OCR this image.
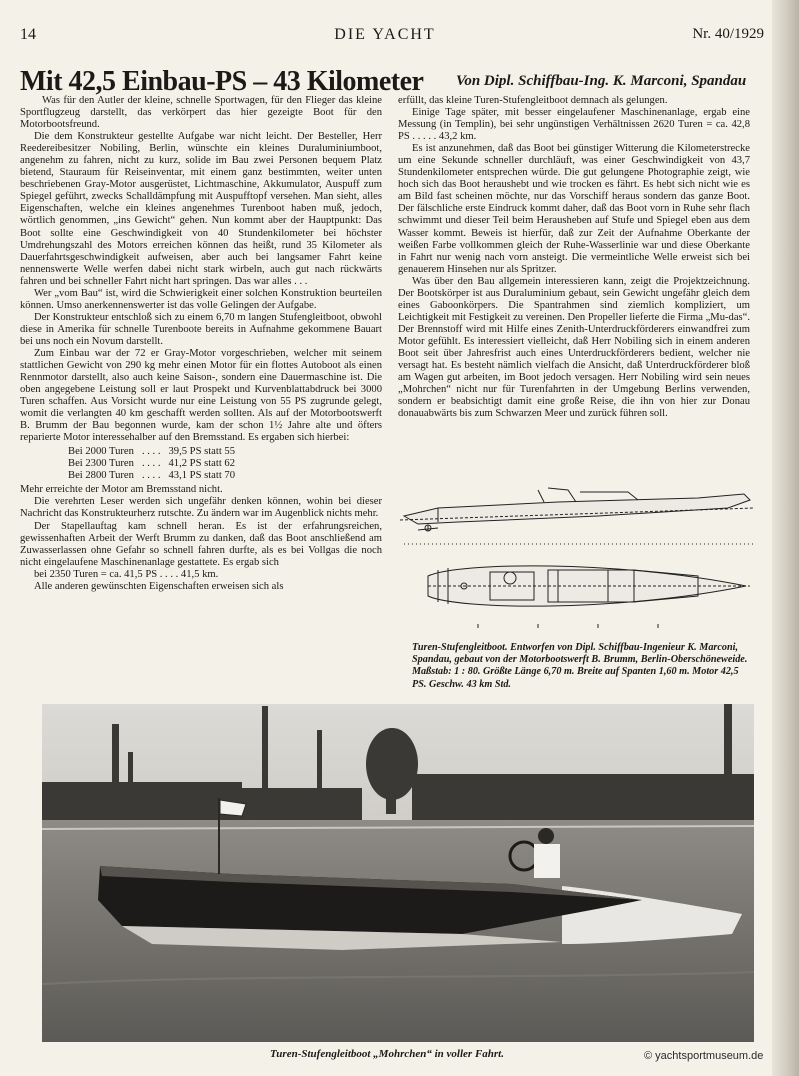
14	DIE YACHT	Nr. 40/1929
Mit 42,5 Einbau-PS – 43 Kilometer Von Dipl. Schiffbau-Ing. K. Marconi, Spandau

Was für den Autler der kleine, schnelle Sportwagen, für den Flieger das kleine Sportflugzeug darstellt, das verkörpert das hier gezeigte Boot für den Motorbootsfreund.

Die dem Konstrukteur gestellte Aufgabe war nicht leicht. Der Besteller, Herr Reedereibesitzer Nobiling, Berlin, wünschte ein kleines Duraluminiumboot, angenehm zu fahren, nicht zu kurz, solide im Bau zwei Personen bequem Platz bietend, Stauraum für Reiseinventar, mit einem ganz bestimmten, weiter unten beschriebenen Gray-Motor ausgerüstet, Lichtmaschine, Akkumulator, Auspuff zum Spiegel geführt, zwecks Schalldämpfung mit Auspufftopf versehen. Man sieht, alles Eigenschaften, welche ein kleines angenehmes Turenboot haben muß, jedoch, wörtlich genommen, „ins Gewicht“ gehen. Nun kommt aber der Hauptpunkt: Das Boot sollte eine Geschwindigkeit von 40 Stundenkilometer bei höchster Umdrehungszahl des Motors erreichen können das heißt, rund 35 Kilometer als Dauerfahrtsgeschwindigkeit aufweisen, aber auch bei langsamer Fahrt keine nennenswerte Welle werfen dabei nicht stark wirbeln, auch gut nach rückwärts fahren und bei schneller Fahrt nicht hart springen. Das war alles . . .

Wer „vom Bau“ ist, wird die Schwierigkeit einer solchen Konstruktion beurteilen können. Umso anerkennenswerter ist das volle Gelingen der Aufgabe.

Der Konstrukteur entschloß sich zu einem 6,70 m langen Stufengleitboot, obwohl diese in Amerika für schnelle Turenboote bereits in Aufnahme gekommene Bauart bei uns noch ein Novum darstellt.

Zum Einbau war der 72 er Gray-Motor vorgeschrieben, welcher mit seinem stattlichen Gewicht von 290 kg mehr einen Motor für ein flottes Autoboot als einen Rennmotor darstellt, also auch keine Saison-, sondern eine Dauermaschine ist. Die oben angegebene Leistung soll er laut Prospekt und Kurvenblattabdruck bei 3000 Turen schaffen. Aus Vorsicht wurde nur eine Leistung von 55 PS zugrunde gelegt, womit die verlangten 40 km geschafft werden sollten. Als auf der Motorbootswerft B. Brumm der Bau begonnen wurde, kam der schon 1½ Jahre alte und öfters reparierte Motor interessehalber auf den Bremsstand. Es ergaben sich hierbei:

Bei 2000 Turen	. . . .	39,5 PS statt 55
Bei 2300 Turen	. . . .	41,2 PS statt 62
Bei 2800 Turen	. . . .	43,1 PS statt 70

Mehr erreichte der Motor am Bremsstand nicht.

Die verehrten Leser werden sich ungefähr denken können, wohin bei dieser Nachricht das Konstrukteurherz rutschte. Zu ändern war im Augenblick nichts mehr.

Der Stapellauftag kam schnell heran. Es ist der erfahrungsreichen, gewissenhaften Arbeit der Werft Brumm zu danken, daß das Boot anschließend am Zuwasserlassen ohne Gefahr so schnell fahren durfte, als es bei Vollgas die noch nicht eingelaufene Maschinenanlage gestattete. Es ergab sich

bei 2350 Turen = ca. 41,5 PS . . . . 41,5 km.

Alle anderen gewünschten Eigenschaften erweisen sich als

erfüllt, das kleine Turen-Stufengleitboot demnach als gelungen.

Einige Tage später, mit besser eingelaufener Maschinenanlage, ergab eine Messung (in Templin), bei sehr ungünstigen Verhältnissen 2620 Turen = ca. 42,8 PS . . . . . 43,2 km.

Es ist anzunehmen, daß das Boot bei günstiger Witterung die Kilometerstrecke um eine Sekunde schneller durchläuft, was einer Geschwindigkeit von 43,7 Stundenkilometer entsprechen würde. Die gut gelungene Photographie zeigt, wie hoch sich das Boot heraushebt und wie trocken es fährt. Es hebt sich nicht wie es am Bild fast scheinen möchte, nur das Vorschiff heraus sondern das ganze Boot. Der fälschliche erste Eindruck kommt daher, daß das Boot vorn in Ruhe sehr flach schwimmt und dieser Teil beim Herausheben auf Stufe und Spiegel eben aus dem Wasser kommt. Beweis ist hierfür, daß zur Zeit der Aufnahme Oberkante der weißen Farbe vollkommen gleich der Ruhe-Wasserlinie war und diese Oberkante in Fahrt nur wenig nach vorn ansteigt. Die vermeintliche Welle erweist sich bei genauerem Hinsehen nur als Spritzer.

Was über den Bau allgemein interessieren kann, zeigt die Projektzeichnung. Der Bootskörper ist aus Duraluminium gebaut, sein Gewicht ungefähr gleich dem eines Gaboonkörpers. Die Spantrahmen sind ziemlich kompliziert, um Leichtigkeit mit Festigkeit zu vereinen. Den Propeller lieferte die Firma „Mu-das“. Der Brennstoff wird mit Hilfe eines Zenith-Unterdruckförderers einwandfrei zum Motor gefühlt. Es interessiert vielleicht, daß Herr Nobiling sich in einem anderen Boot seit über Jahresfrist auch eines Unterdruckförderers bedient, welcher nie versagt hat. Es besteht nämlich vielfach die Ansicht, daß Unterdruckförderer bloß am Wagen gut arbeiten, im Boot jedoch versagen. Herr Nobiling wird sein neues „Mohrchen“ nicht nur für Turenfahrten in der Umgebung Berlins verwenden, sondern er beabsichtigt damit eine große Reise, die ihn von hier zur Donau donauabwärts bis zum Schwarzen Meer und zurück führen soll.

Turen-Stufengleitboot. Entworfen von Dipl. Schiffbau-Ingenieur K. Marconi, Spandau, gebaut von der Motorbootswerft B. Brumm, Berlin-Oberschöneweide. Maßstab: 1 : 80. Größte Länge 6,70 m. Breite auf Spanten 1,60 m. Motor 42,5 PS. Geschw. 43 km Std.
Turen-Stufengleitboot „Mohrchen“ in voller Fahrt.	© yachtsportmuseum.de
